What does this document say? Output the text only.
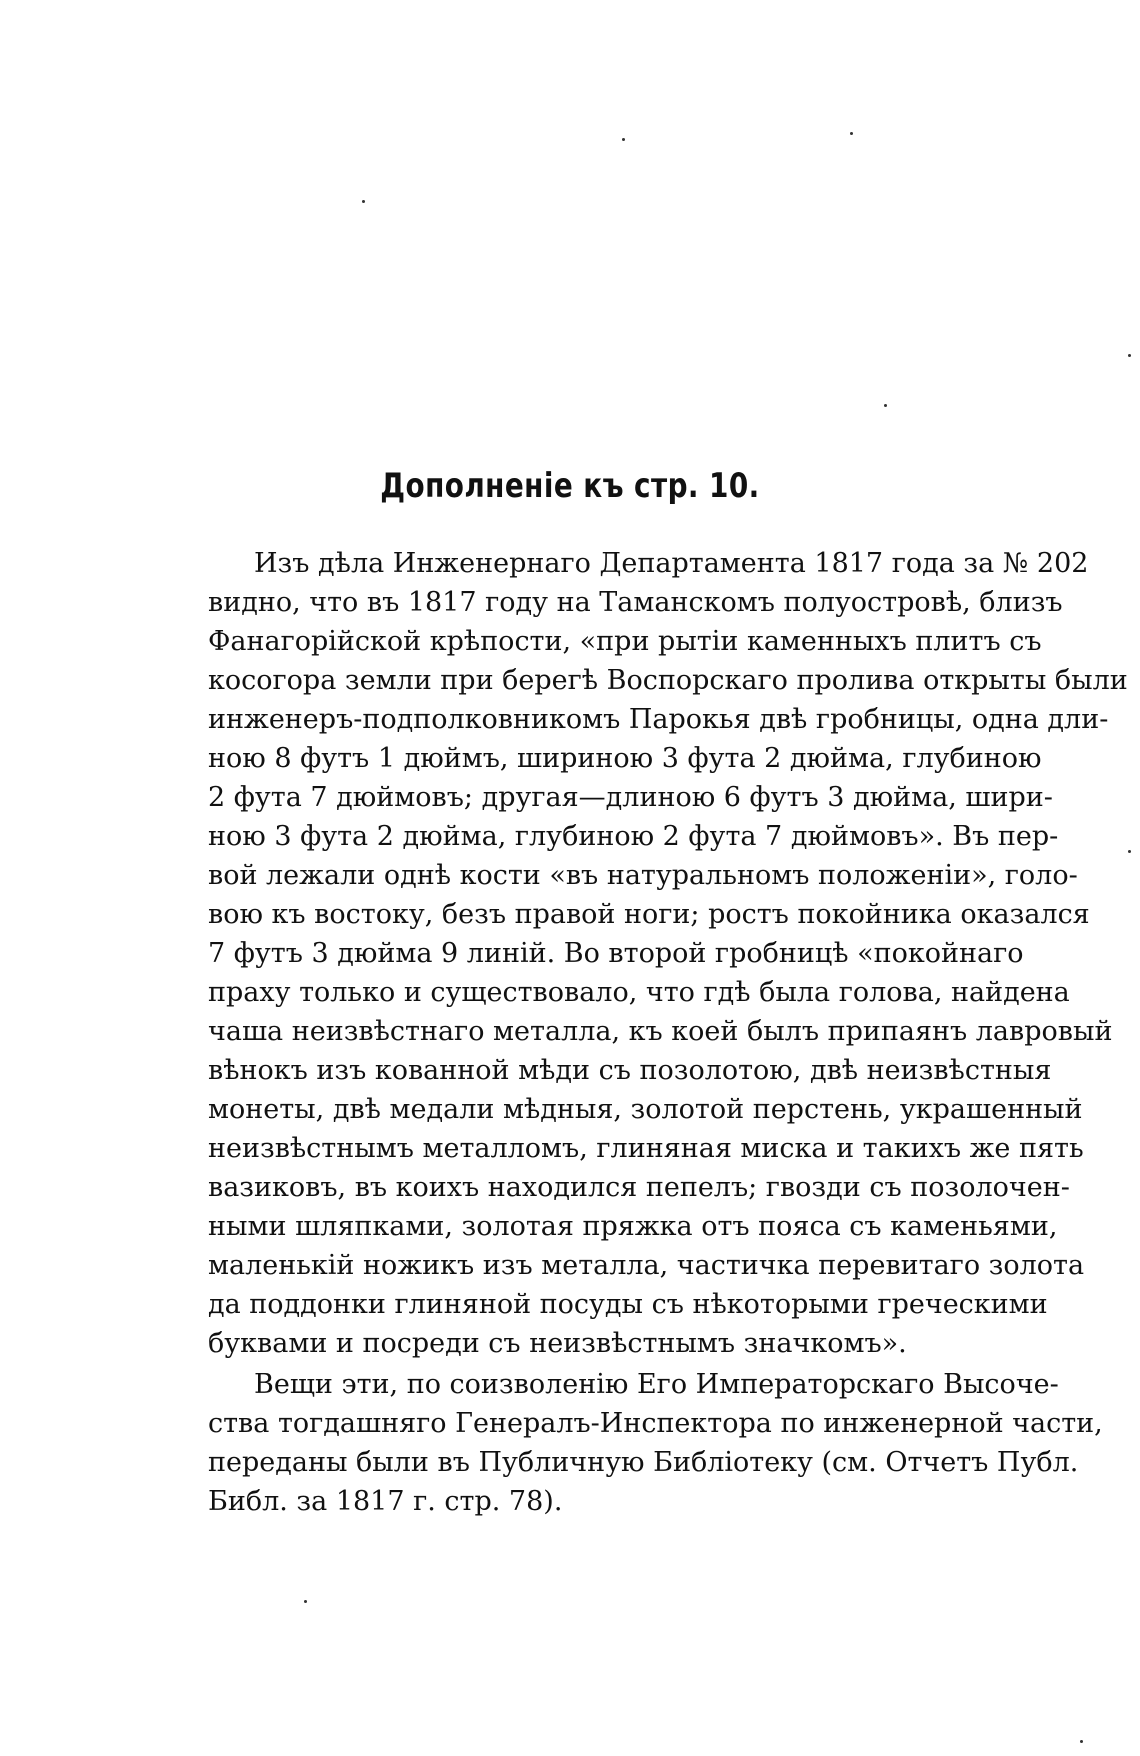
Дополненіе къ стр. 10.
Изъ дѣла Инженернаго Департамента 1817 года за № 202
видно, что въ 1817 году на Таманскомъ полуостровѣ, близъ
Фанагорійской крѣпости, «при рытіи каменныхъ плитъ съ
косогора земли при берегѣ Воспорскаго пролива открыты были
инженеръ-подполковникомъ Парокья двѣ гробницы, одна дли-
ною 8 футъ 1 дюймъ, шириною 3 фута 2 дюйма, глубиною
2 фута 7 дюймовъ; другая—длиною 6 футъ 3 дюйма, шири-
ною 3 фута 2 дюйма, глубиною 2 фута 7 дюймовъ». Въ пер-
вой лежали однѣ кости «въ натуральномъ положеніи», голо-
вою къ востоку, безъ правой ноги; ростъ покойника оказался
7 футъ 3 дюйма 9 линій. Во второй гробницѣ «покойнаго
праху только и существовало, что гдѣ была голова, найдена
чаша неизвѣстнаго металла, къ коей былъ припаянъ лавровый
вѣнокъ изъ кованной мѣди съ позолотою, двѣ неизвѣстныя
монеты, двѣ медали мѣдныя, золотой перстень, украшенный
неизвѣстнымъ металломъ, глиняная миска и такихъ же пять
вазиковъ, въ коихъ находился пепелъ; гвозди съ позолочен-
ными шляпками, золотая пряжка отъ пояса съ каменьями,
маленькій ножикъ изъ металла, частичка перевитаго золота
да поддонки глиняной посуды съ нѣкоторыми греческими
буквами и посреди съ неизвѣстнымъ значкомъ».
Вещи эти, по соизволенію Его Императорскаго Высоче-
ства тогдашняго Генералъ-Инспектора по инженерной части,
переданы были въ Публичную Библіотеку (см. Отчетъ Публ.
Библ. за 1817 г. стр. 78).
